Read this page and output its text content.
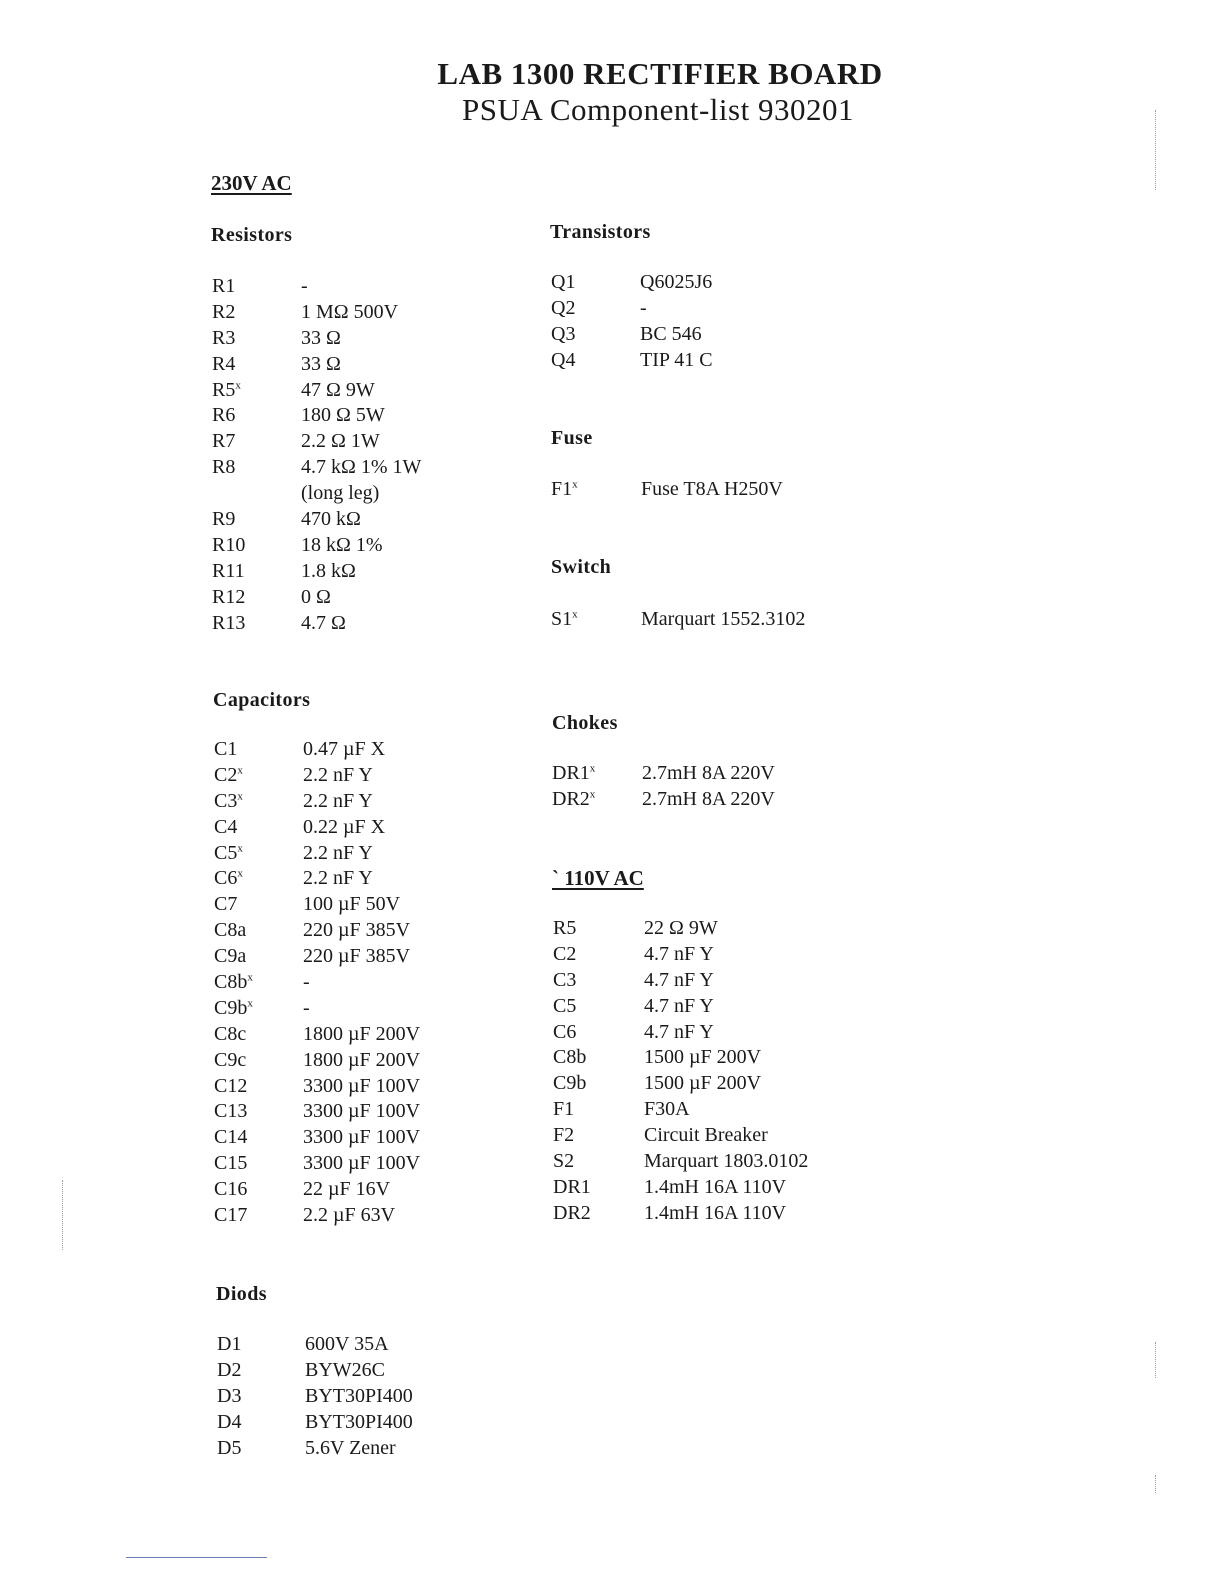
LAB 1300 RECTIFIER BOARD
PSUA Component-list 930201
230V AC
Resistors
R1	-
R2	1 MΩ 500V
R3	33 Ω
R4	33 Ω
R5$^x$	47 Ω 9W
R6	180 Ω 5W
R7	2.2 Ω 1W
R8	4.7 kΩ 1% 1W
(long leg)
R9	470 kΩ
R10	18 kΩ 1%
R11	1.8 kΩ
R12	0 Ω
R13	4.7 Ω
Capacitors
C1	0.47 µF X
C2$^x$	2.2 nF Y
C3$^x$	2.2 nF Y
C4	0.22 µF X
C5$^x$	2.2 nF Y
C6$^x$	2.2 nF Y
C7	100 µF 50V
C8a	220 µF 385V
C9a	220 µF 385V
$C8b^x$	-
$C9b^x$	-
C8c	1800 µF 200V
C9c	1800 µF 200V
C12	3300 µF 100V
C13	3300 µF 100V
C14	3300 µF 100V
C15	3300 µF 100V
C16	22 µF 16V
C17	2.2 µF 63V
Diods
D1	600V 35A
D2	BYW26C
D3	BYT30PI400
D4	BYT30PI400
D5	5.6V Zener
Transistors
Q1	Q6025J6
Q2	-
Q3	BC 546
Q4	TIP 41 C
Fuse
F1$^x$	Fuse T8A H250V
Switch
S1$^x$	Marquart 1552.3102
Chokes
DR1$^x$ 2.7mH 8A 220V
DR2$^x$ 2.7mH 8A 220V
` 110V AC
R5	22 Ω 9W
C2	4.7 nF Y
C3	4.7 nF Y
C5	4.7 nF Y
C6	4.7 nF Y
C8b	1500 µF 200V
C9b	1500 µF 200V
F1	F30A
F2	Circuit Breaker
S2	Marquart 1803.0102
DR1	1.4mH 16A 110V
DR2	1.4mH 16A 110V
